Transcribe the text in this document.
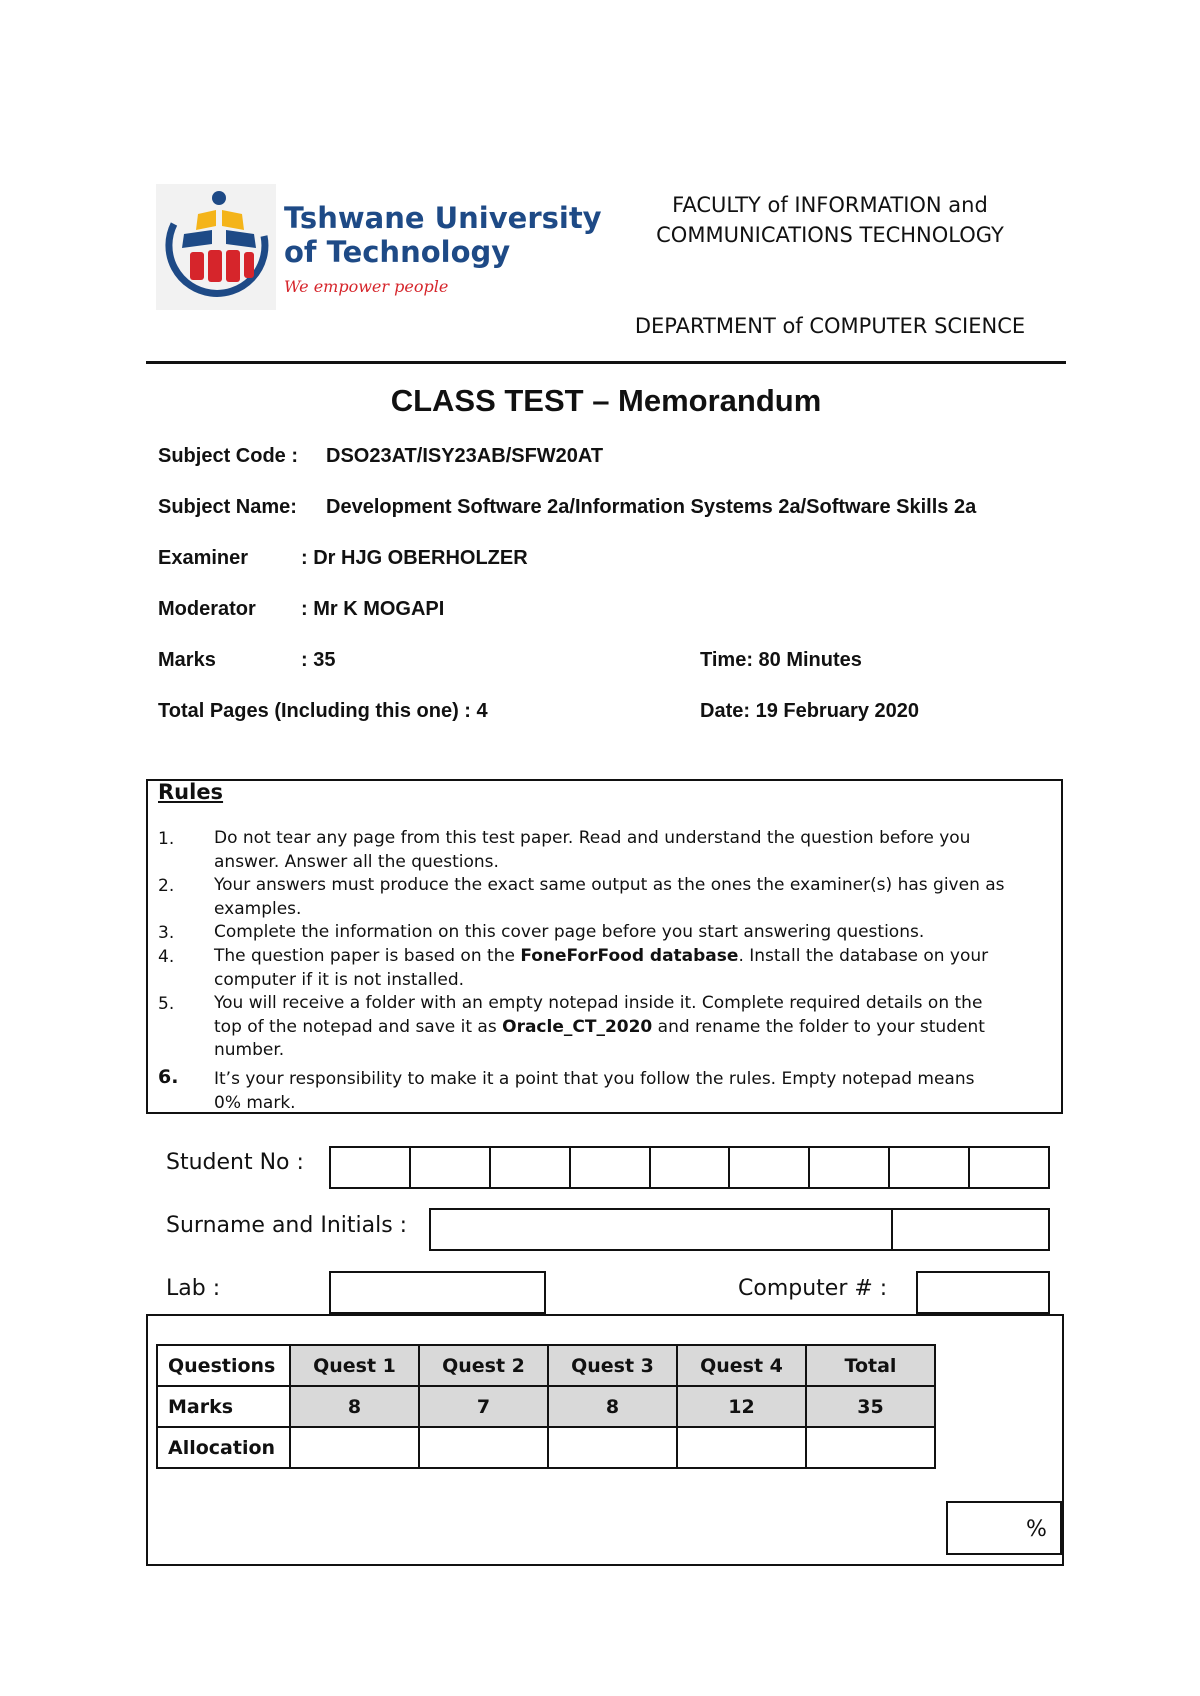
Tshwane University
of Technology
We empower people
FACULTY of INFORMATION and
COMMUNICATIONS TECHNOLOGY
DEPARTMENT of COMPUTER SCIENCE
CLASS TEST – Memorandum
Subject Code : DSO23AT/ISY23AB/SFW20AT
Subject Name: Development Software 2a/Information Systems 2a/Software Skills 2a
Examiner	: Dr HJG OBERHOLZER
Moderator : Mr K MOGAPI
Marks	: 35	Time: 80 Minutes
Total Pages (Including this one) : 4	Date: 19 February 2020
Rules
1. Do not tear any page from this test paper. Read and understand the question before you
answer. Answer all the questions.
2. Your answers must produce the exact same output as the ones the examiner(s) has given as
examples.
3. Complete the information on this cover page before you start answering questions.
4. The question paper is based on the FoneForFood database. Install the database on your
computer if it is not installed.
5. You will receive a folder with an empty notepad inside it. Complete required details on the
top of the notepad and save it as Oracle_CT_2020 and rename the folder to your student
number.
6. It’s your responsibility to make it a point that you follow the rules. Empty notepad means
0% mark.
Student No :
Surname and Initials :
Lab :	Computer # :
Questions	Quest 1	Quest 2	Quest 3	Quest 4	Total
Marks	8	7	8	12	35
Allocation					
%
